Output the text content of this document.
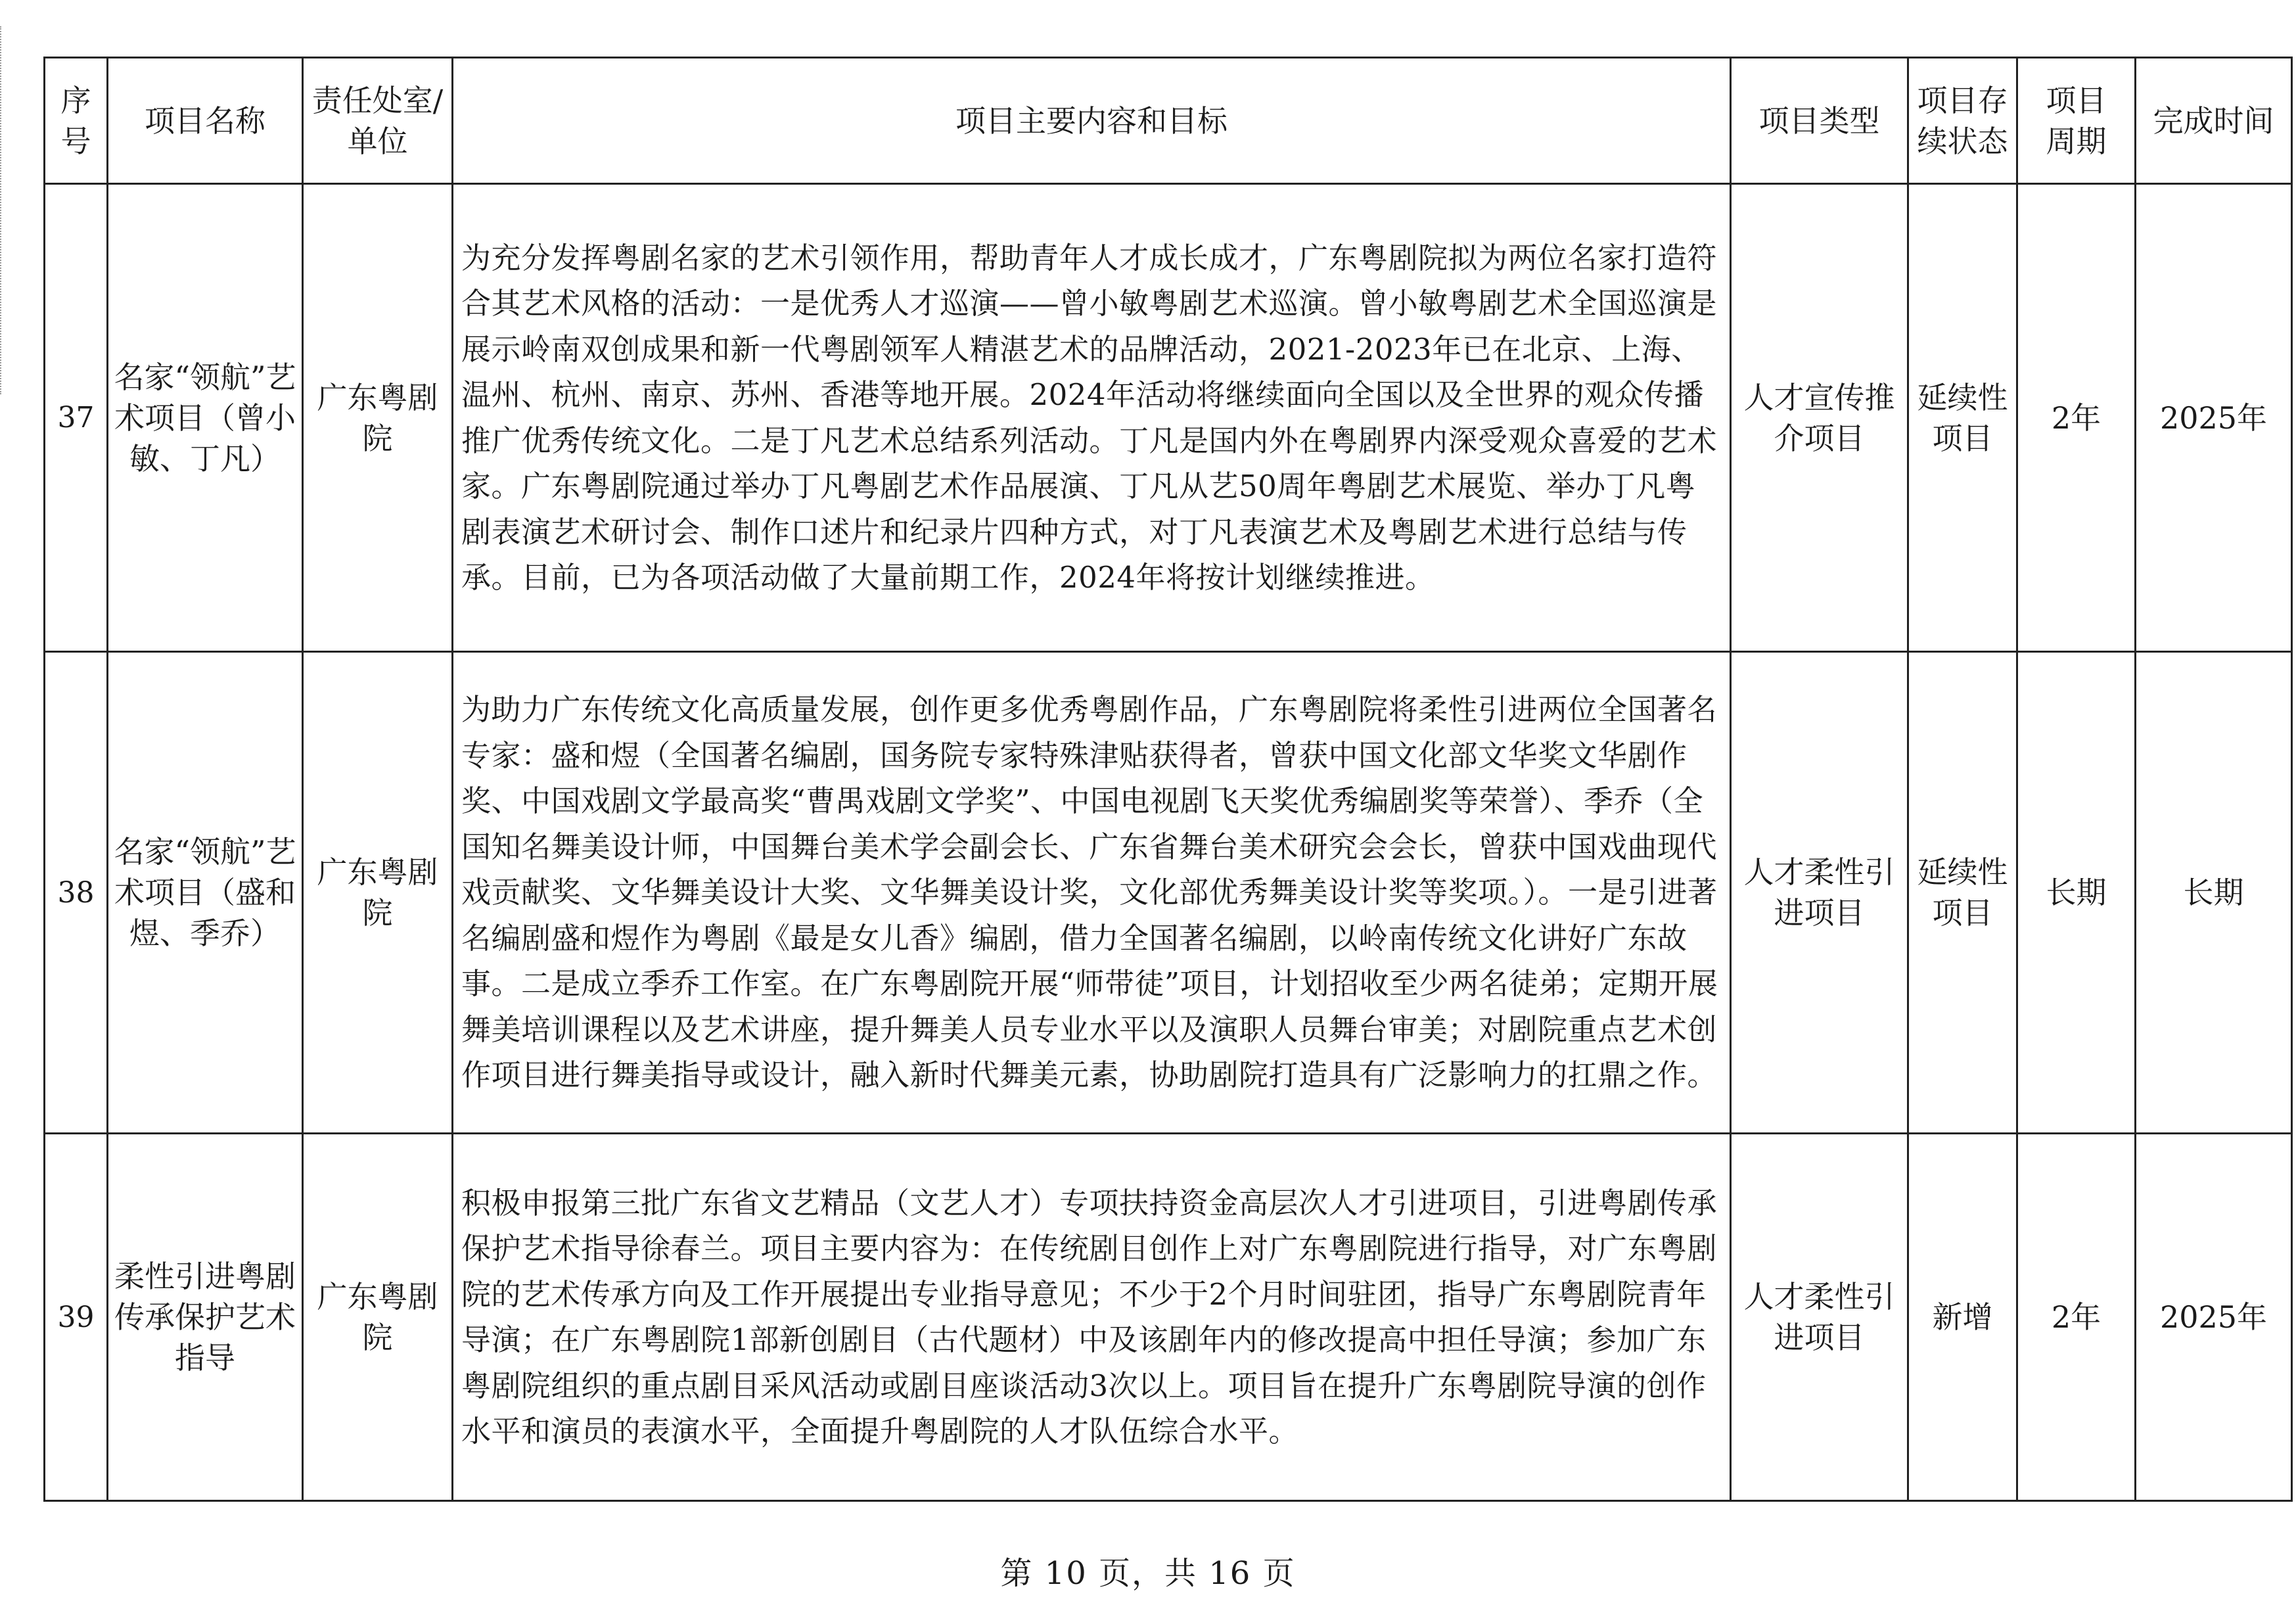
序号	项目名称	责任处室/单位	项目主要内容和目标	项目类型	项目存续状态	项目周期	完成时间
37	名家“领航”艺术项目（曾小敏、丁凡）	广东粤剧院	为充分发挥粤剧名家的艺术引领作用，帮助青年人才成长成才，广东粤剧院拟为两位名家打造符合其艺术风格的活动：一是优秀人才巡演——曾小敏粤剧艺术巡演。曾小敏粤剧艺术全国巡演是展示岭南双创成果和新一代粤剧领军人精湛艺术的品牌活动，2021-2023年已在北京、上海、温州、杭州、南京、苏州、香港等地开展。2024年活动将继续面向全国以及全世界的观众传播推广优秀传统文化。二是丁凡艺术总结系列活动。丁凡是国内外在粤剧界内深受观众喜爱的艺术家。广东粤剧院通过举办丁凡粤剧艺术作品展演、丁凡从艺50周年粤剧艺术展览、举办丁凡粤剧表演艺术研讨会、制作口述片和纪录片四种方式，对丁凡表演艺术及粤剧艺术进行总结与传承。目前，已为各项活动做了大量前期工作，2024年将按计划继续推进。	人才宣传推介项目	延续性项目	2年	2025年
38	名家“领航”艺术项目（盛和煜、季乔）	广东粤剧院	为助力广东传统文化高质量发展，创作更多优秀粤剧作品，广东粤剧院将柔性引进两位全国著名专家：盛和煜（全国著名编剧，国务院专家特殊津贴获得者，曾获中国文化部文华奖文华剧作奖、中国戏剧文学最高奖“曹禺戏剧文学奖”、中国电视剧飞天奖优秀编剧奖等荣誉）、季乔（全国知名舞美设计师，中国舞台美术学会副会长、广东省舞台美术研究会会长，曾获中国戏曲现代戏贡献奖、文华舞美设计大奖、文华舞美设计奖，文化部优秀舞美设计奖等奖项。）。一是引进著名编剧盛和煜作为粤剧《最是女儿香》编剧，借力全国著名编剧，以岭南传统文化讲好广东故事。二是成立季乔工作室。在广东粤剧院开展“师带徒”项目，计划招收至少两名徒弟；定期开展舞美培训课程以及艺术讲座，提升舞美人员专业水平以及演职人员舞台审美；对剧院重点艺术创作项目进行舞美指导或设计，融入新时代舞美元素，协助剧院打造具有广泛影响力的扛鼎之作。	人才柔性引进项目	延续性项目	长期	长期
39	柔性引进粤剧传承保护艺术指导	广东粤剧院	积极申报第三批广东省文艺精品（文艺人才）专项扶持资金高层次人才引进项目，引进粤剧传承保护艺术指导徐春兰。项目主要内容为：在传统剧目创作上对广东粤剧院进行指导，对广东粤剧院的艺术传承方向及工作开展提出专业指导意见；不少于2个月时间驻团，指导广东粤剧院青年导演；在广东粤剧院1部新创剧目（古代题材）中及该剧年内的修改提高中担任导演；参加广东粤剧院组织的重点剧目采风活动或剧目座谈活动3次以上。项目旨在提升广东粤剧院导演的创作水平和演员的表演水平，全面提升粤剧院的人才队伍综合水平。	人才柔性引进项目	新增	2年	2025年
第 10 页，共 16 页
